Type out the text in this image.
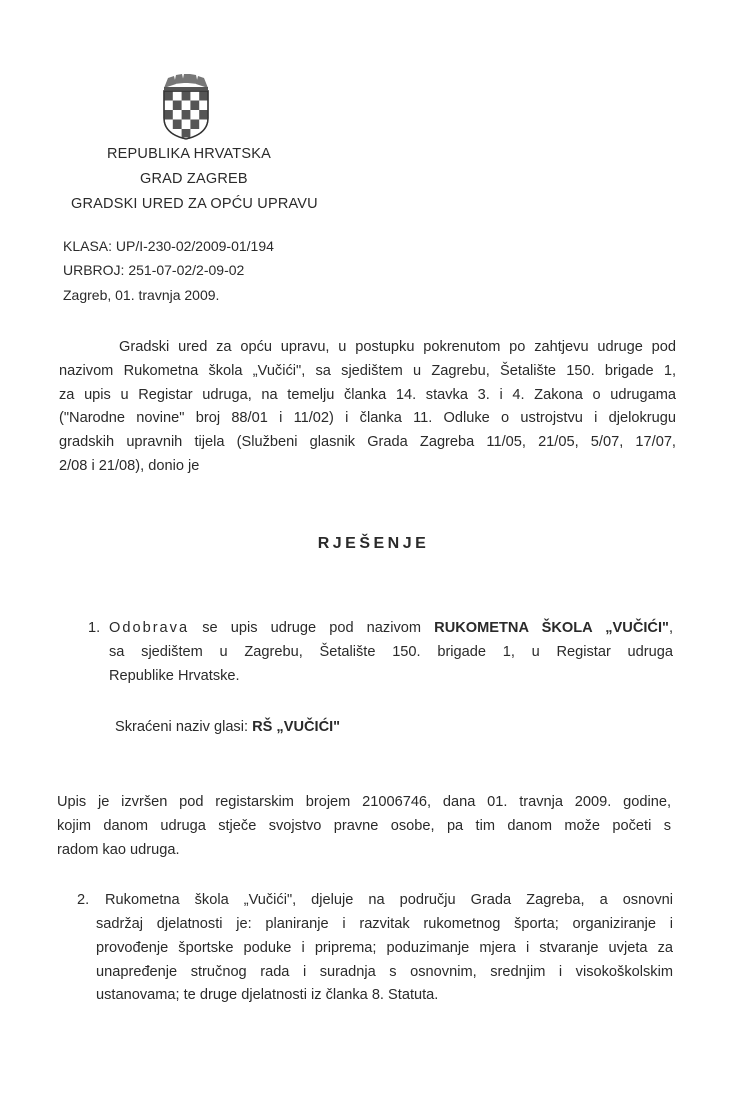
REPUBLIKA HRVATSKA
GRAD ZAGREB
GRADSKI URED ZA OPĆU UPRAVU
KLASA: UP/I-230-02/2009-01/194
URBROJ: 251-07-02/2-09-02
Zagreb, 01. travnja 2009.
Gradski ured za opću upravu, u postupku pokrenutom po zahtjevu udruge pod
nazivom Rukometna škola „Vučići", sa sjedištem u Zagrebu, Šetalište 150. brigade 1,
za upis u Registar udruga, na temelju članka 14. stavka 3. i 4. Zakona o udrugama
("Narodne novine" broj 88/01 i 11/02) i članka 11. Odluke o ustrojstvu i djelokrugu
gradskih upravnih tijela (Službeni glasnik Grada Zagreba 11/05, 21/05, 5/07, 17/07,
2/08 i 21/08), donio je
RJEŠENJE
1. Odobrava se upis udruge pod nazivom RUKOMETNA ŠKOLA „VUČIĆI",
sa sjedištem u Zagrebu, Šetalište 150. brigade 1, u Registar udruga
Republike Hrvatske.
Skraćeni naziv glasi: RŠ „VUČIĆI"
Upis je izvršen pod registarskim brojem 21006746, dana 01. travnja 2009. godine,
kojim danom udruga stječe svojstvo pravne osobe, pa tim danom može početi s
radom kao udruga.
2. Rukometna škola „Vučići", djeluje na području Grada Zagreba, a osnovni
sadržaj djelatnosti je: planiranje i razvitak rukometnog športa; organiziranje i
provođenje športske poduke i priprema; poduzimanje mjera i stvaranje uvjeta za
unapređenje stručnog rada i suradnja s osnovnim, srednjim i visokoškolskim
ustanovama; te druge djelatnosti iz članka 8. Statuta.
